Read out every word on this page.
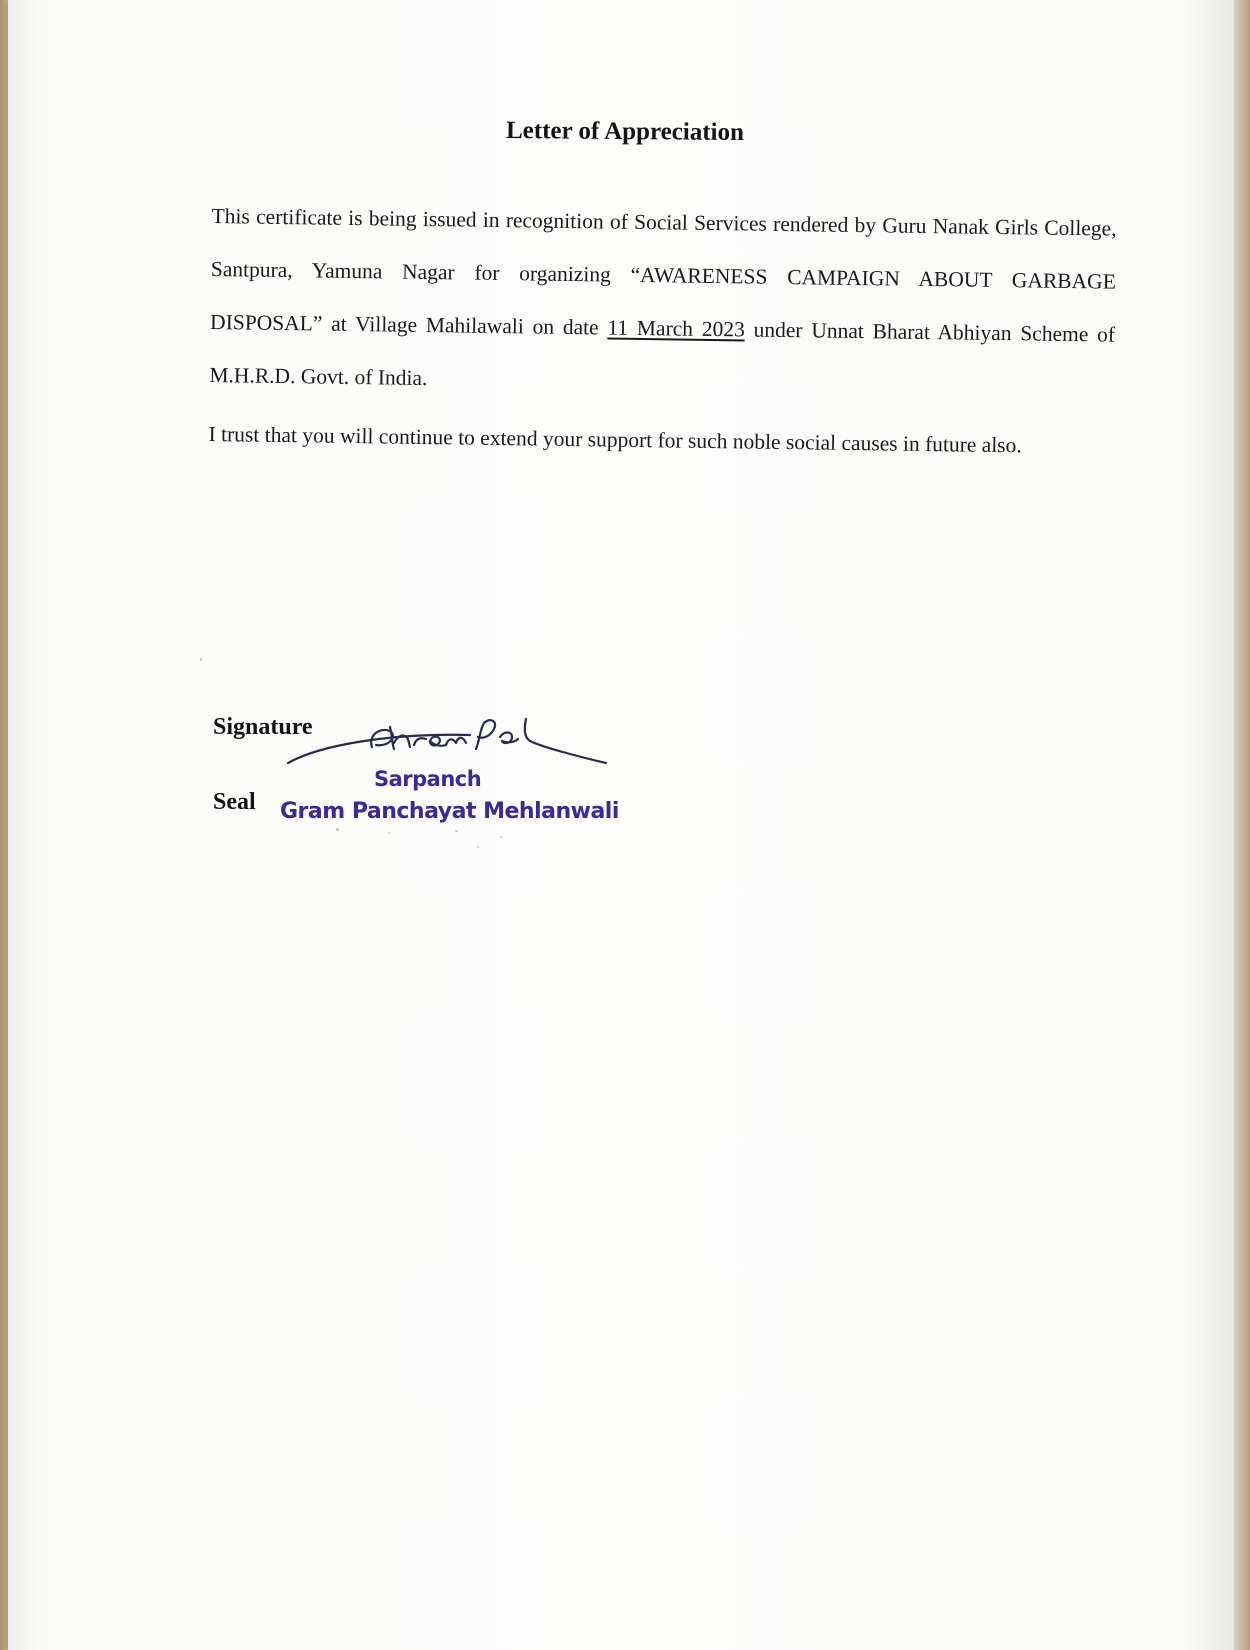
Letter of Appreciation

This certificate is being issued in recognition of Social Services rendered by Guru Nanak Girls College, Santpura, Yamuna Nagar for organizing “AWARENESS CAMPAIGN ABOUT GARBAGE DISPOSAL” at Village Mahilawali on date 11 March 2023 under Unnat Bharat Abhiyan Scheme of M.H.R.D. Govt. of India.

I trust that you will continue to extend your support for such noble social causes in future also.

Signature
Seal
Sarpanch
Gram Panchayat Mehlanwali
